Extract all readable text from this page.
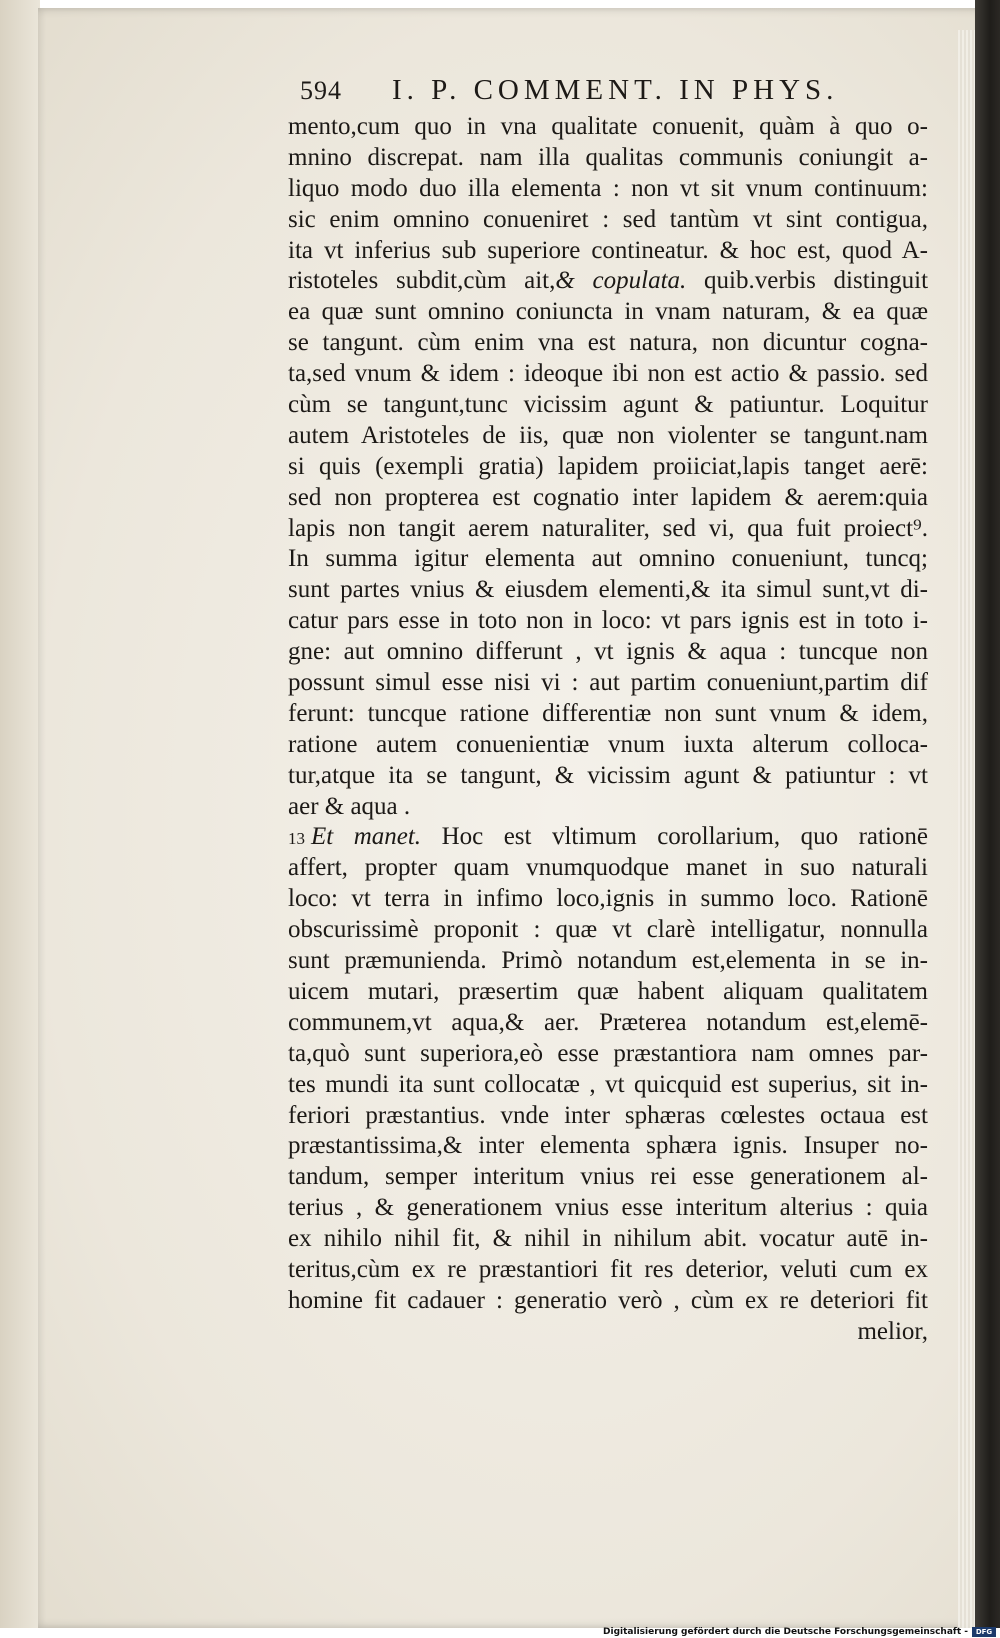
594 I. P. COMMENT. IN PHYS.
mento,cum quo in vna qualitate conuenit, quàm à quo o-
mnino discrepat. nam illa qualitas communis coniungit a-
liquo modo duo illa elementa : non vt sit vnum continuum:
sic enim omnino conueniret : sed tantùm vt sint contigua,
ita vt inferius sub superiore contineatur. & hoc est, quod A-
ristoteles subdit,cùm ait,& copulata. quib.verbis distinguit
ea quæ sunt omnino coniuncta in vnam naturam, & ea quæ
se tangunt. cùm enim vna est natura, non dicuntur cogna-
ta,sed vnum & idem : ideoque ibi non est actio & passio. sed
cùm se tangunt,tunc vicissim agunt & patiuntur. Loquitur
autem Aristoteles de iis, quæ non violenter se tangunt.nam
si quis (exempli gratia) lapidem proiiciat,lapis tanget aerē:
sed non propterea est cognatio inter lapidem & aerem:quia
lapis non tangit aerem naturaliter, sed vi, qua fuit proiect⁹.
In summa igitur elementa aut omnino conueniunt, tuncq;
sunt partes vnius & eiusdem elementi,& ita simul sunt,vt di-
catur pars esse in toto non in loco: vt pars ignis est in toto i-
gne: aut omnino differunt , vt ignis & aqua : tuncque non
possunt simul esse nisi vi : aut partim conueniunt,partim dif
ferunt: tuncque ratione differentiæ non sunt vnum & idem,
ratione autem conuenientiæ vnum iuxta alterum colloca-
tur,atque ita se tangunt, & vicissim agunt & patiuntur : vt
aer & aqua .
13 Et manet. Hoc est vltimum corollarium, quo rationē
affert, propter quam vnumquodque manet in suo naturali
loco: vt terra in infimo loco,ignis in summo loco. Rationē
obscurissimè proponit : quæ vt clarè intelligatur, nonnulla
sunt præmunienda. Primò notandum est,elementa in se in-
uicem mutari, præsertim quæ habent aliquam qualitatem
communem,vt aqua,& aer. Præterea notandum est,elemē-
ta,quò sunt superiora,eò esse præstantiora nam omnes par-
tes mundi ita sunt collocatæ , vt quicquid est superius, sit in-
feriori præstantius. vnde inter sphæras cœlestes octaua est
præstantissima,& inter elementa sphæra ignis. Insuper no-
tandum, semper interitum vnius rei esse generationem al-
terius , & generationem vnius esse interitum alterius : quia
ex nihilo nihil fit, & nihil in nihilum abit. vocatur autē in-
teritus,cùm ex re præstantiori fit res deterior, veluti cum ex
homine fit cadauer : generatio verò , cùm ex re deteriori fit
melior,
Digitalisierung gefördert durch die Deutsche Forschungsgemeinschaft -	DFG
